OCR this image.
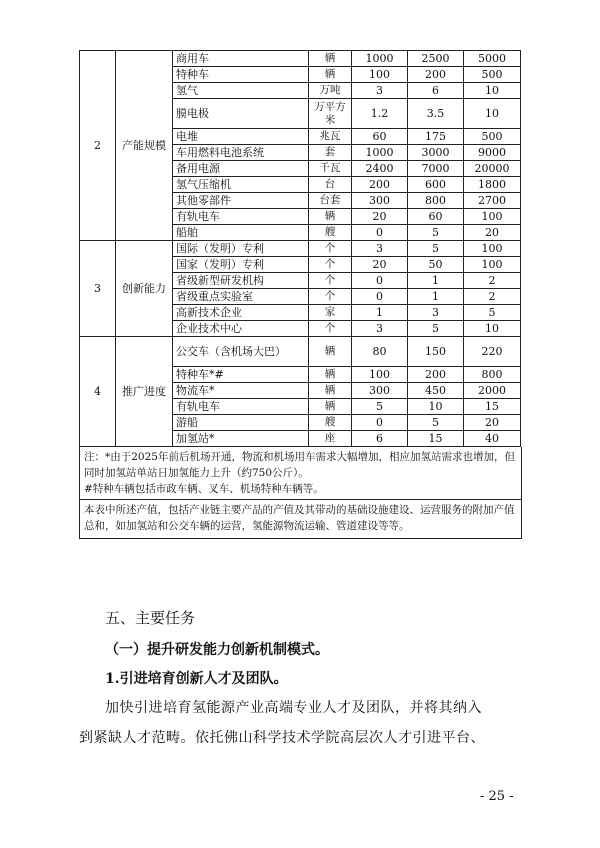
2	产能规模	商用车	辆	1000	2500	5000
		特种车	辆	100	200	500
		氢气	万吨	3	6	10
		膜电极	万平方米	1.2	3.5	10
		电堆	兆瓦	60	175	500
		车用燃料电池系统	套	1000	3000	9000
		备用电源	千瓦	2400	7000	20000
		氢气压缩机	台	200	600	1800
		其他零部件	台套	300	800	2700
		有轨电车	辆	20	60	100
		船舶	艘	0	5	20
3	创新能力	国际（发明）专利	个	3	5	100
		国家（发明）专利	个	20	50	100
		省级新型研发机构	个	0	1	2
		省级重点实验室	个	0	1	2
		高新技术企业	家	1	3	5
		企业技术中心	个	3	5	10
4	推广进度	公交车（含机场大巴）	辆	80	150	220
		特种车*#	辆	100	200	800
		物流车*	辆	300	450	2000
		有轨电车	辆	5	10	15
		游船	艘	0	5	20
		加氢站*	座	6	15	40
注：*由于2025年前后机场开通，物流和机场用车需求大幅增加，相应加氢站需求也增加，但同时加氢站单站日加氢能力上升（约750公斤）。
#特种车辆包括市政车辆、叉车、机场特种车辆等。
本表中所述产值，包括产业链主要产品的产值及其带动的基础设施建设、运营服务的附加产值总和，如加氢站和公交车辆的运营，氢能源物流运输、管道建设等等。
五、主要任务
（一）提升研发能力创新机制模式。
1.引进培育创新人才及团队。
加快引进培育氢能源产业高端专业人才及团队，并将其纳入
到紧缺人才范畴。依托佛山科学技术学院高层次人才引进平台、
- 25 -
